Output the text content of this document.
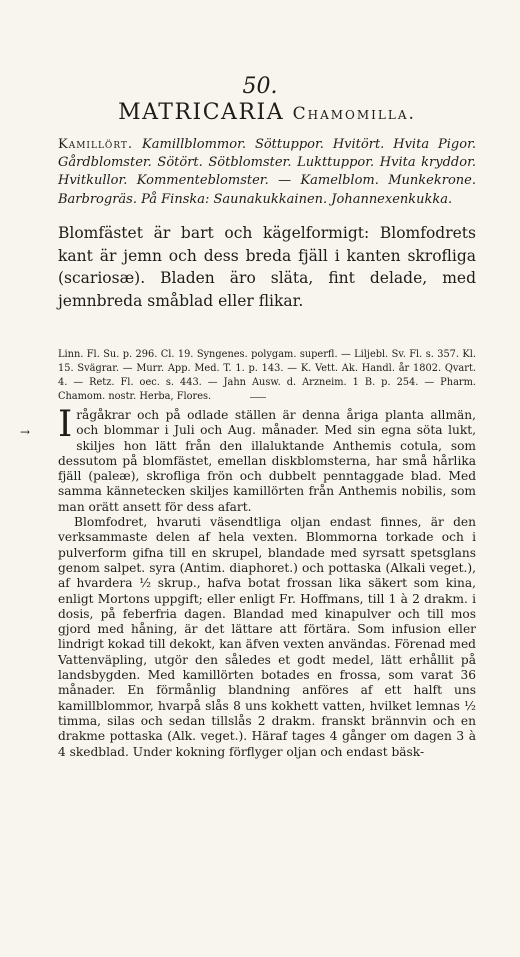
50.
MATRICARIA Chamomilla.
Kamillört. Kamillblommor. Söttuppor. Hvitört. Hvita Pigor. Gårdblomster. Sötört. Sötblomster. Lukttuppor. Hvita kryddor. Hvitkullor. Kommenteblomster. — Kamelblom. Munkekrone. Barbrogräs. På Finska: Saunakukkainen. Johannexenkukka.
Blomfästet är bart och kägelformigt: Blomfodrets kant är jemn och dess breda fjäll i kanten skrofliga (scariosæ). Bladen äro släta, fint delade, med jemnbreda småblad eller flikar.
Linn. Fl. Su. p. 296. Cl. 19. Syngenes. polygam. superfl. — Liljebl. Sv. Fl. s. 357. Kl. 15. Svägrar. — Murr. App. Med. T. 1. p. 143. — K. Vett. Ak. Handl. år 1802. Qvart. 4. — Retz. Fl. oec. s. 443. — Jahn Ausw. d. Arzneim. 1 B. p. 254. — Pharm. Chamom. nostr. Herba, Flores.
→ I rågåkrar och på odlade ställen är denna åriga planta allmän, och blommar i Juli och Aug. månader. Med sin egna söta lukt, skiljes hon lätt från den illaluktande Anthemis cotula, som dessutom på blomfästet, emellan diskblomsterna, har små hårlika fjäll (paleæ), skrofliga frön och dubbelt penntaggade blad. Med samma kännetecken skiljes kamillörten från Anthemis nobilis, som man orätt ansett för dess afart.

Blomfodret, hvaruti väsendtliga oljan endast finnes, är den verksammaste delen af hela vexten. Blommorna torkade och i pulverform gifna till en skrupel, blandade med syrsatt spetsglans genom salpet. syra (Antim. diaphoret.) och pottaska (Alkali veget.), af hvardera ½ skrup., hafva botat frossan lika säkert som kina, enligt Mortons uppgift; eller enligt Fr. Hoffmans, till 1 à 2 drakm. i dosis, på feberfria dagen. Blandad med kinapulver och till mos gjord med håning, är det lättare att förtära. Som infusion eller lindrigt kokad till dekokt, kan äfven vexten användas. Förenad med Vattenväpling, utgör den således et godt medel, lätt erhållit på landsbygden. Med kamillörten botades en frossa, som varat 36 månader. En förmånlig blandning anföres af ett halft uns kamillblommor, hvarpå slås 8 uns kokhett vatten, hvilket lemnas ½ timma, silas och sedan tillslås 2 drakm. franskt brännvin och en drakme pottaska (Alk. veget.). Häraf tages 4 gånger om dagen 3 à 4 skedblad. Under kokning förflyger oljan och endast bäsk-
